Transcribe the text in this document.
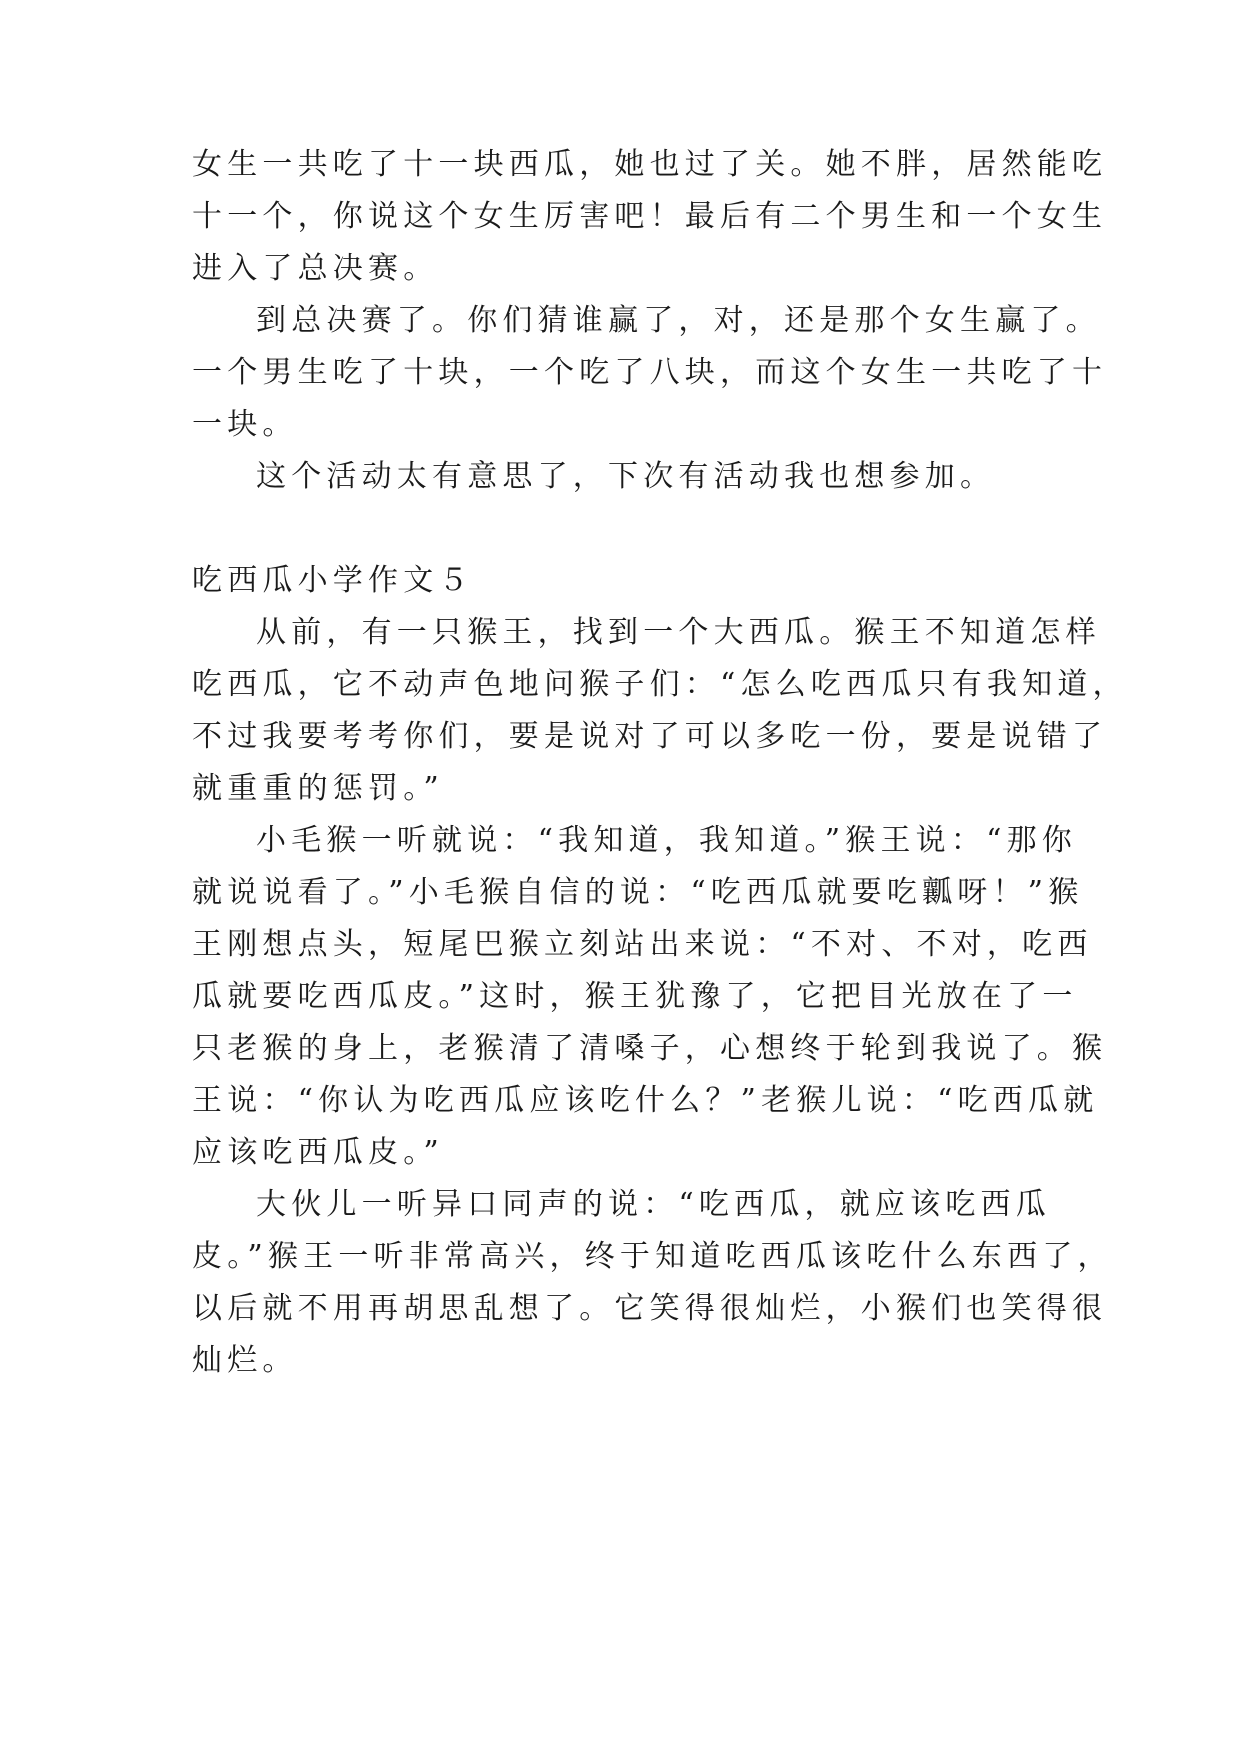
女生一共吃了十一块西瓜，她也过了关。她不胖，居然能吃
十一个，你说这个女生厉害吧！最后有二个男生和一个女生
进入了总决赛。
到总决赛了。你们猜谁赢了，对，还是那个女生赢了。
一个男生吃了十块，一个吃了八块，而这个女生一共吃了十
一块。
这个活动太有意思了，下次有活动我也想参加。
吃西瓜小学作文５
从前，有一只猴王，找到一个大西瓜。猴王不知道怎样
吃西瓜，它不动声色地问猴子们：“怎么吃西瓜只有我知道，
不过我要考考你们，要是说对了可以多吃一份，要是说错了
就重重的惩罚。”
小毛猴一听就说：“我知道，我知道。”猴王说：“那你
就说说看了。”小毛猴自信的说：“吃西瓜就要吃瓤呀！”猴
王刚想点头，短尾巴猴立刻站出来说：“不对、不对，吃西
瓜就要吃西瓜皮。”这时，猴王犹豫了，它把目光放在了一
只老猴的身上，老猴清了清嗓子，心想终于轮到我说了。猴
王说：“你认为吃西瓜应该吃什么？”老猴儿说：“吃西瓜就
应该吃西瓜皮。”
大伙儿一听异口同声的说：“吃西瓜，就应该吃西瓜
皮。”猴王一听非常高兴，终于知道吃西瓜该吃什么东西了，
以后就不用再胡思乱想了。它笑得很灿烂，小猴们也笑得很
灿烂。
